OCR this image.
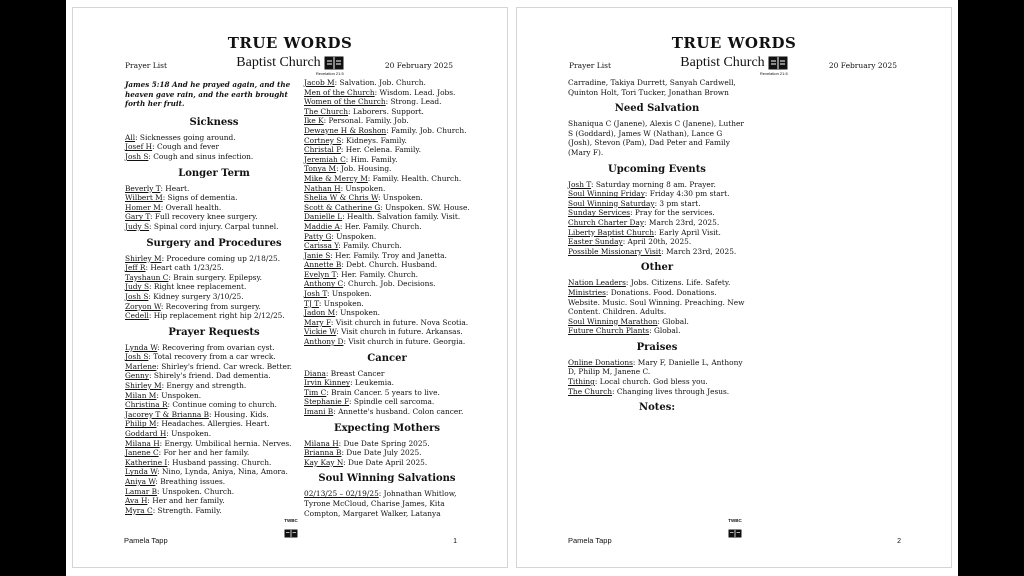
TRUE WORDS
Baptist Church
Revelation 21:5
Prayer List	20 February 2025

James 5:18 And he prayed again, and the heaven gave rain, and the earth brought forth her fruit.

Sickness

All: Sicknesses going around.

Josef H: Cough and fever

Josh S: Cough and sinus infection.

Longer Term

Beverly T: Heart.

Wilbert M: Signs of dementia.

Homer M: Overall health.

Gary T: Full recovery knee surgery.

Judy S: Spinal cord injury. Carpal tunnel.

Surgery and Procedures

Shirley M: Procedure coming up 2/18/25.

Jeff R: Heart cath 1/23/25.

Tayshaun C: Brain surgery. Epilepsy.

Judy S: Right knee replacement.

Josh S: Kidney surgery 3/10/25.

Zoryon W: Recovering from surgery.

Cedell: Hip replacement right hip 2/12/25.

Prayer Requests

Lynda W: Recovering from ovarian cyst.

Josh S: Total recovery from a car wreck.

Marlene: Shirley's friend. Car wreck. Better.

Genny: Shirely's friend. Dad dementia.

Shirley M: Energy and strength.

Milan M: Unspoken.

Christina R: Continue coming to church.

Jacorey T & Brianna B: Housing. Kids.

Philip M: Headaches. Allergies. Heart.

Goddard H: Unspoken.

Milana H: Energy. Umbilical hernia. Nerves.

Janene C: For her and her family.

Katherine I: Husband passing. Church.

Lynda W: Nino, Lynda, Aniya, Nina, Amora.

Aniya W: Breathing issues.

Lamar B: Unspoken. Church.

Ava H: Her and her family.

Myra C: Strength. Family.

Jacob M: Salvation. Job. Church.

Men of the Church: Wisdom. Lead. Jobs.

Women of the Church: Strong. Lead.

The Church: Laborers. Support.

Ike K: Personal. Family. Job.

Dewayne H & Roshon: Family. Job. Church.

Cortney S: Kidneys. Family.

Christal P: Her. Celena. Family.

Jeremiah C: Him. Family.

Tonya M: Job. Housing.

Mike & Mercy M: Family. Health. Church.

Nathan H: Unspoken.

Shelia W & Chris W: Unspoken.

Scott & Catherine G: Unspoken. SW. House.

Danielle L: Health. Salvation family. Visit.

Maddie A: Her. Family. Church.

Patty G: Unspoken.

Carissa Y: Family. Church.

Janie S: Her. Family. Troy and Janetta.

Annette B: Debt. Church. Husband.

Evelyn T: Her. Family. Church.

Anthony C: Church. Job. Decisions.

Josh T: Unspoken.

TJ T: Unspoken.

Jadon M: Unspoken.

Mary F: Visit church in future. Nova Scotia.

Vickie W: Visit church in future. Arkansas.

Anthony D: Visit church in future. Georgia.

Cancer

Diana: Breast Cancer

Irvin Kinney: Leukemia.

Tim C: Brain Cancer. 5 years to live.

Stephanie F: Spindle cell sarcoma.

Imani B: Annette's husband. Colon cancer.

Expecting Mothers

Milana H: Due Date Spring 2025.

Brianna B: Due Date July 2025.

Kay Kay N: Due Date April 2025.

Soul Winning Salvations

02/13/25 – 02/19/25: Johnathan Whitlow, Tyrone McCloud, Charise James, Kita Compton, Margaret Walker, Latanya

Pamela Tapp
TWBC
1
TRUE WORDS
Baptist Church
Revelation 21:5
Prayer List	20 February 2025

Carradine, Takiya Durrett, Sanyah Cardwell, Quinton Holt, Tori Tucker, Jonathan Brown

Need Salvation

Shaniqua C (Janene), Alexis C (Janene), Luther S (Goddard), James W (Nathan), Lance G (Josh), Stevon (Pam), Dad Peter and Family (Mary F).

Upcoming Events

Josh T: Saturday morning 8 am. Prayer.

Soul Winning Friday: Friday 4:30 pm start.

Soul Winning Saturday: 3 pm start.

Sunday Services: Pray for the services.

Church Charter Day: March 23rd, 2025.

Liberty Baptist Church: Early April Visit.

Easter Sunday: April 20th, 2025.

Possible Missionary Visit: March 23rd, 2025.

Other

Nation Leaders: Jobs. Citizens. Life. Safety.

Ministries: Donations. Food. Donations. Website. Music. Soul Winning. Preaching. New Content. Children. Adults.

Soul Winning Marathon: Global.

Future Church Plants: Global.

Praises

Online Donations: Mary F, Danielle L, Anthony D, Philip M, Janene C.

Tithing: Local church. God bless you.

The Church: Changing lives through Jesus.

Notes:
Pamela Tapp
TWBC
2
